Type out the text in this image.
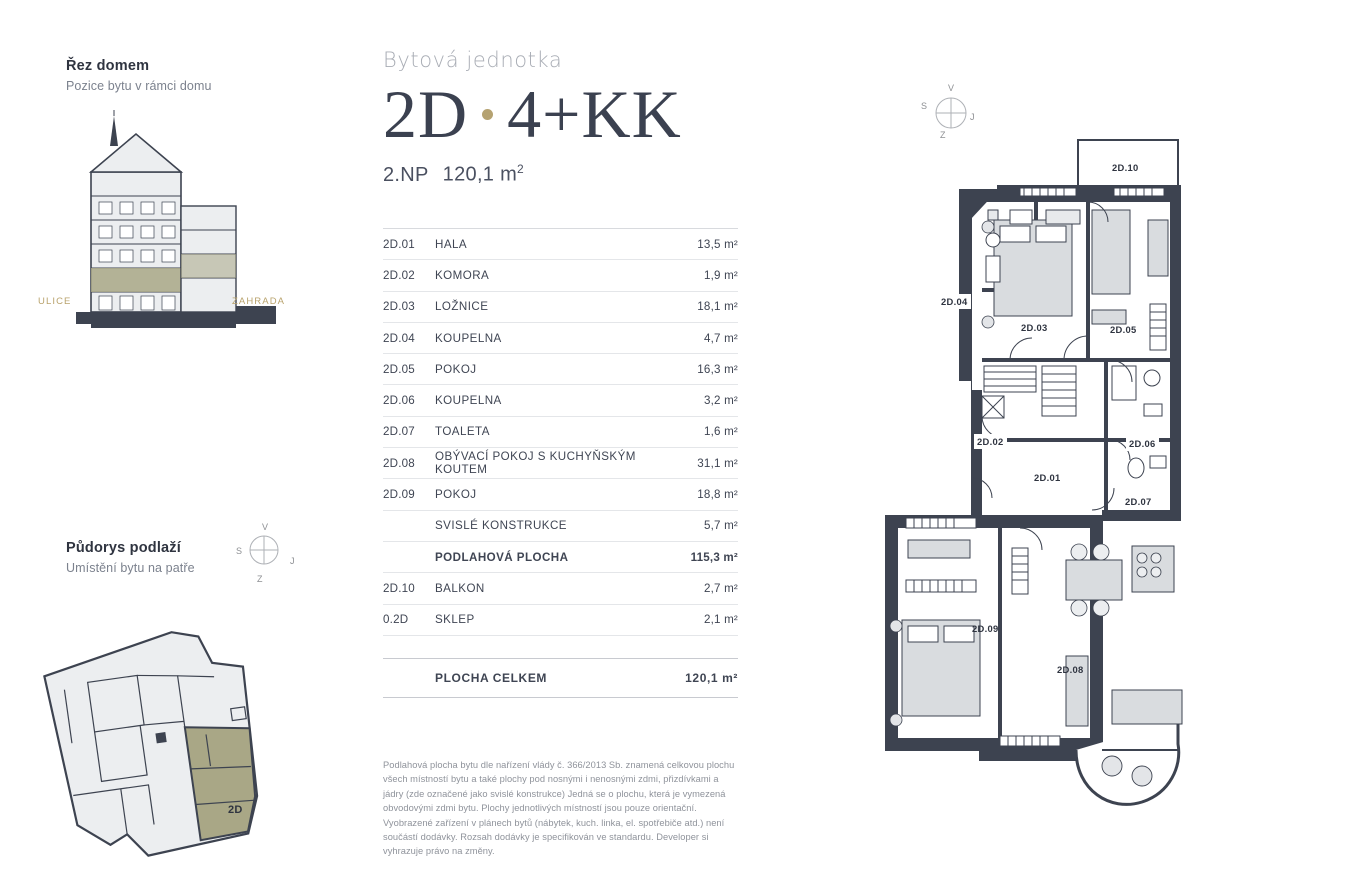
Řez domem

Pozice bytu v rámci domu

ULICE	ZAHRADA

Půdorys podlaží

Umístění bytu na patře

V
S
J
Z
2D

Bytová jednotka

2D 4+KK
2.NP 120,1 $m^2$
2D.01	HALA	13,5 m²
2D.02	KOMORA	1,9 m²
2D.03	LOŽNICE	18,1 m²
2D.04	KOUPELNA	4,7 m²
2D.05	POKOJ	16,3 m²
2D.06	KOUPELNA	3,2 m²
2D.07	TOALETA	1,6 m²
2D.08	OBÝVACÍ POKOJ S KUCHYŇSKÝM KOUTEM	31,1 m²
2D.09	POKOJ	18,8 m²
SVISLÉ KONSTRUKCE	5,7 m²
PODLAHOVÁ PLOCHA	115,3 m²
2D.10	BALKON	2,7 m²
0.2D	SKLEP	2,1 m²
PLOCHA CELKEM	120,1 m²
Podlahová plocha bytu dle nařízení vlády č. 366/2013 Sb. znamená celkovou plochu všech místností bytu a také plochy pod nosnými i nenosnými zdmi, přizdívkami a jádry (zde označené jako svislé konstrukce) Jedná se o plochu, která je vymezená obvodovými zdmi bytu. Plochy jednotlivých místností jsou pouze orientační. Vyobrazené zařízení v plánech bytů (nábytek, kuch. linka, el. spotřebiče atd.) není součástí dodávky. Rozsah dodávky je specifikován ve standardu. Developer si vyhrazuje právo na změny.
V
S
J
Z
2D.10
2D.04
2D.03	2D.05
2D.02	2D.06
2D.01
2D.07
2D.09
2D.08
